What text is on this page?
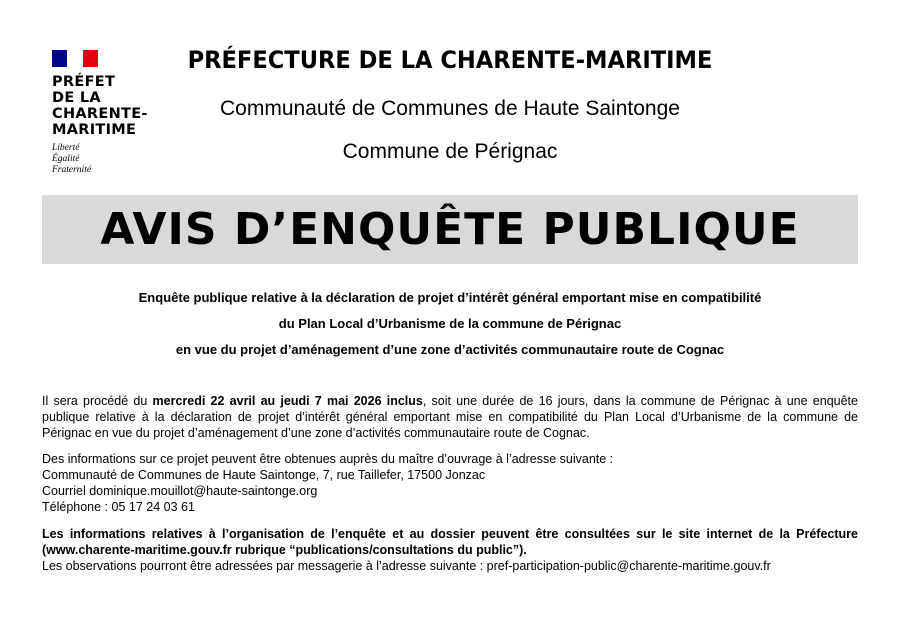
PRÉFET
DE LA
CHARENTE-
MARITIME
Liberté
Égalité
Fraternité
PRÉFECTURE DE LA CHARENTE-MARITIME
Communauté de Communes de Haute Saintonge
Commune de Pérignac
AVIS D’ENQUÊTE PUBLIQUE
Enquête publique relative à la déclaration de projet d’intérêt général emportant mise en compatibilité
du Plan Local d’Urbanisme de la commune de Pérignac
en vue du projet d’aménagement d’une zone d’activités communautaire route de Cognac
Il sera procédé du mercredi 22 avril au jeudi 7 mai 2026 inclus, soit une durée de 16 jours, dans la commune de Pérignac à une enquête publique relative à la déclaration de projet d’intérêt général emportant mise en compatibilité du Plan Local d’Urbanisme de la commune de Pérignac en vue du projet d’aménagement d’une zone d’activités communautaire route de Cognac.
Des informations sur ce projet peuvent être obtenues auprès du maître d’ouvrage à l’adresse suivante :
Communauté de Communes de Haute Saintonge, 7, rue Taillefer, 17500 Jonzac
Courriel dominique.mouillot@haute-saintonge.org
Téléphone : 05 17 24 03 61
Les informations relatives à l’organisation de l’enquête et au dossier peuvent être consultées sur le site internet de la Préfecture (www.charente-maritime.gouv.fr rubrique “publications/consultations du public”).
Les observations pourront être adressées par messagerie à l’adresse suivante : pref-participation-public@charente-maritime.gouv.fr
